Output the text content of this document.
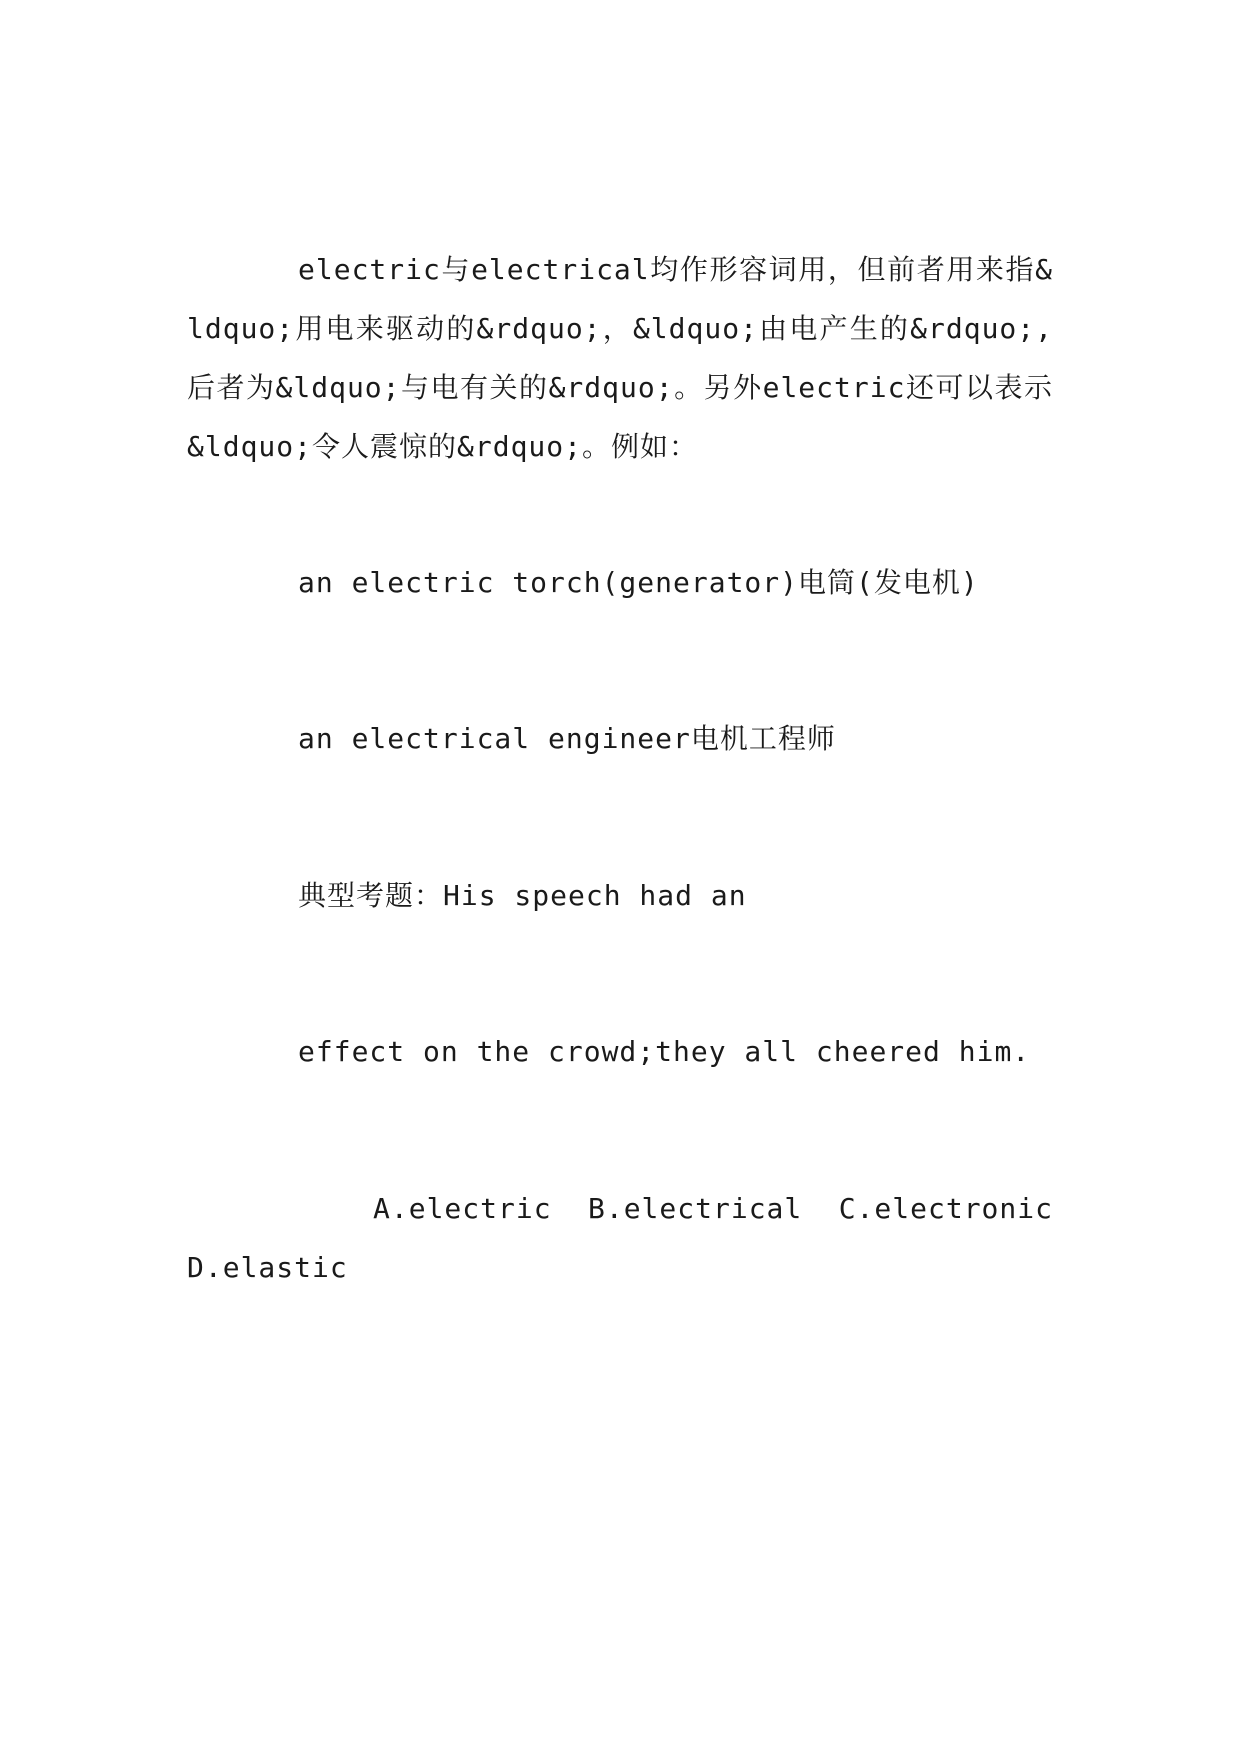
electric与electrical均作形容词用，但前者用来指&ldquo;用电来驱动的&rdquo;，&ldquo;由电产生的&rdquo;,后者为&ldquo;与电有关的&rdquo;。另外electric还可以表示&ldquo;令人震惊的&rdquo;。例如：

an electric torch(generator)电筒(发电机)

an electrical engineer电机工程师

典型考题：His speech had an

effect on the crowd;they all cheered him.

A.electric B.electrical C.electronic
D.elastic
